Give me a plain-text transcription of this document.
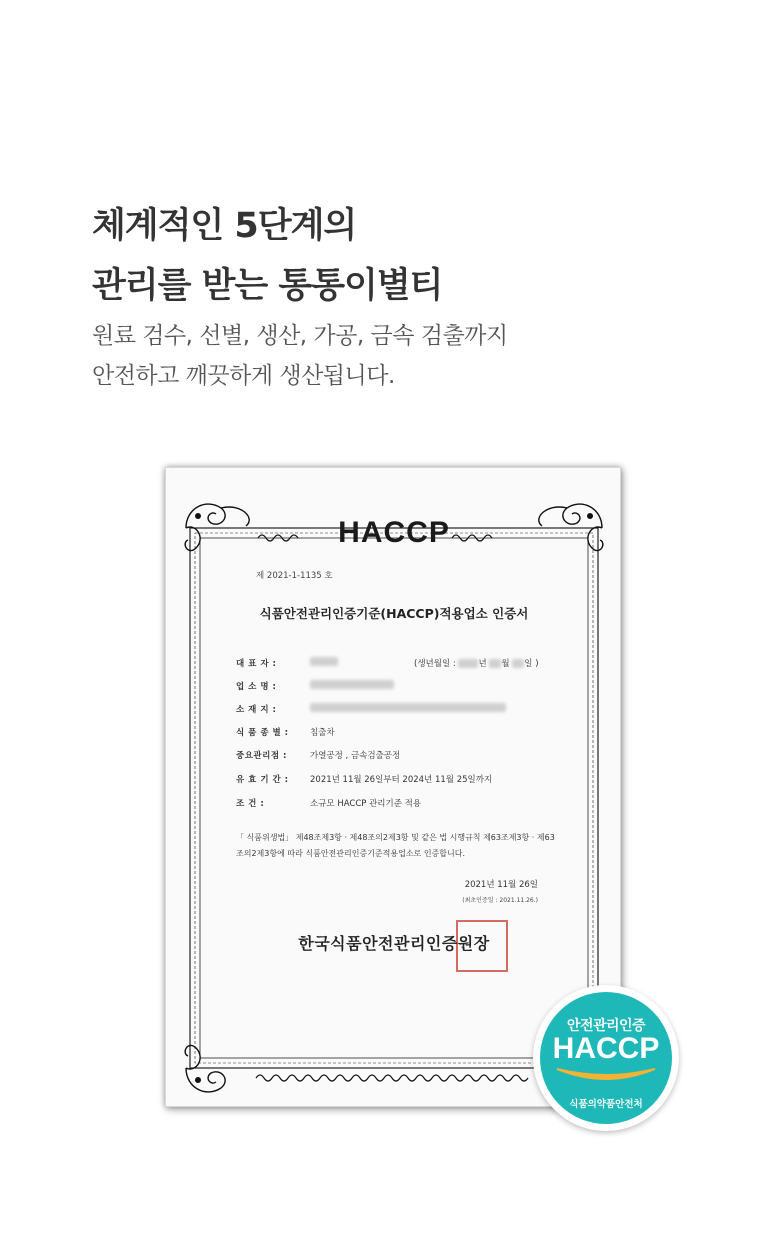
체계적인 5단계의
관리를 받는 통통이별티
원료 검수, 선별, 생산, 가공, 금속 검출까지
안전하고 깨끗하게 생산됩니다.
HACCP
제 2021-1-1135 호
식품안전관리인증기준(HACCP)적용업소 인증서
대 표 자 :	(생년월일 :	년 월 일 )
업 소 명 :
소 재 지 :
식 품 종 별 :	침출차
중요관리점 :	가열공정 , 금속검출공정
유 효 기 간 :	2021년 11월 26일부터 2024년 11월 25일까지
조 건 :	소규모 HACCP 관리기준 적용
「 식품위생법」 제48조제3항 · 제48조의2제3항 및 같은 법 시행규칙 제63조제3항 · 제63조의2제3항에 따라 식품안전관리인증기준적용업소로 인증합니다.
2021년 11월 26일
(최초인증일 : 2021.11.26.)
한국식품안전관리인증원장
안전관리인증
HACCP
식품의약품안전처
